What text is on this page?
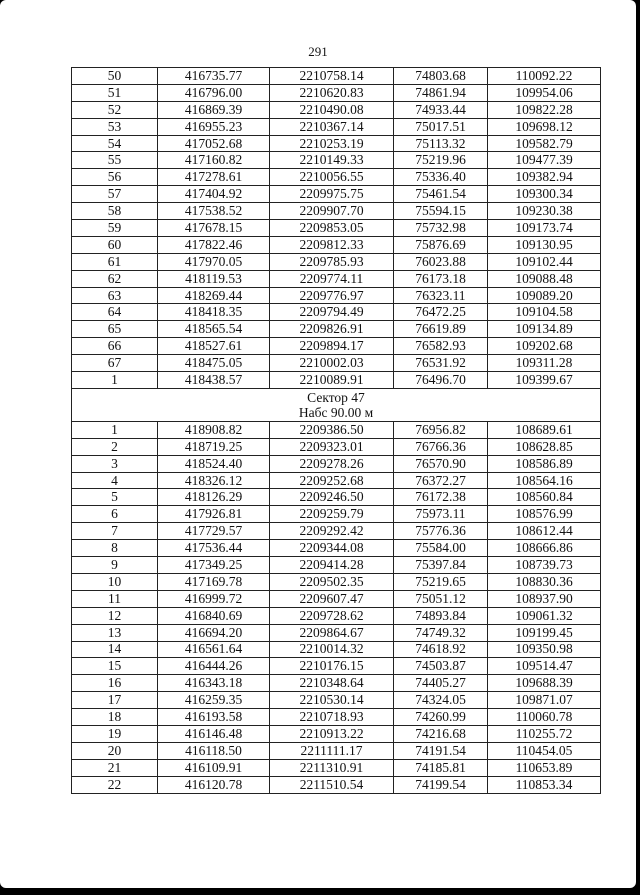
291
50	416735.77	2210758.14	74803.68	110092.22
51	416796.00	2210620.83	74861.94	109954.06
52	416869.39	2210490.08	74933.44	109822.28
53	416955.23	2210367.14	75017.51	109698.12
54	417052.68	2210253.19	75113.32	109582.79
55	417160.82	2210149.33	75219.96	109477.39
56	417278.61	2210056.55	75336.40	109382.94
57	417404.92	2209975.75	75461.54	109300.34
58	417538.52	2209907.70	75594.15	109230.38
59	417678.15	2209853.05	75732.98	109173.74
60	417822.46	2209812.33	75876.69	109130.95
61	417970.05	2209785.93	76023.88	109102.44
62	418119.53	2209774.11	76173.18	109088.48
63	418269.44	2209776.97	76323.11	109089.20
64	418418.35	2209794.49	76472.25	109104.58
65	418565.54	2209826.91	76619.89	109134.89
66	418527.61	2209894.17	76582.93	109202.68
67	418475.05	2210002.03	76531.92	109311.28
1	418438.57	2210089.91	76496.70	109399.67

Сектор 47
Набс 90.00 м				

1	418908.82	2209386.50	76956.82	108689.61
2	418719.25	2209323.01	76766.36	108628.85
3	418524.40	2209278.26	76570.90	108586.89
4	418326.12	2209252.68	76372.27	108564.16
5	418126.29	2209246.50	76172.38	108560.84
6	417926.81	2209259.79	75973.11	108576.99
7	417729.57	2209292.42	75776.36	108612.44
8	417536.44	2209344.08	75584.00	108666.86
9	417349.25	2209414.28	75397.84	108739.73
10	417169.78	2209502.35	75219.65	108830.36
11	416999.72	2209607.47	75051.12	108937.90
12	416840.69	2209728.62	74893.84	109061.32
13	416694.20	2209864.67	74749.32	109199.45
14	416561.64	2210014.32	74618.92	109350.98
15	416444.26	2210176.15	74503.87	109514.47
16	416343.18	2210348.64	74405.27	109688.39
17	416259.35	2210530.14	74324.05	109871.07
18	416193.58	2210718.93	74260.99	110060.78
19	416146.48	2210913.22	74216.68	110255.72
20	416118.50	2211111.17	74191.54	110454.05
21	416109.91	2211310.91	74185.81	110653.89
22	416120.78	2211510.54	74199.54	110853.34
